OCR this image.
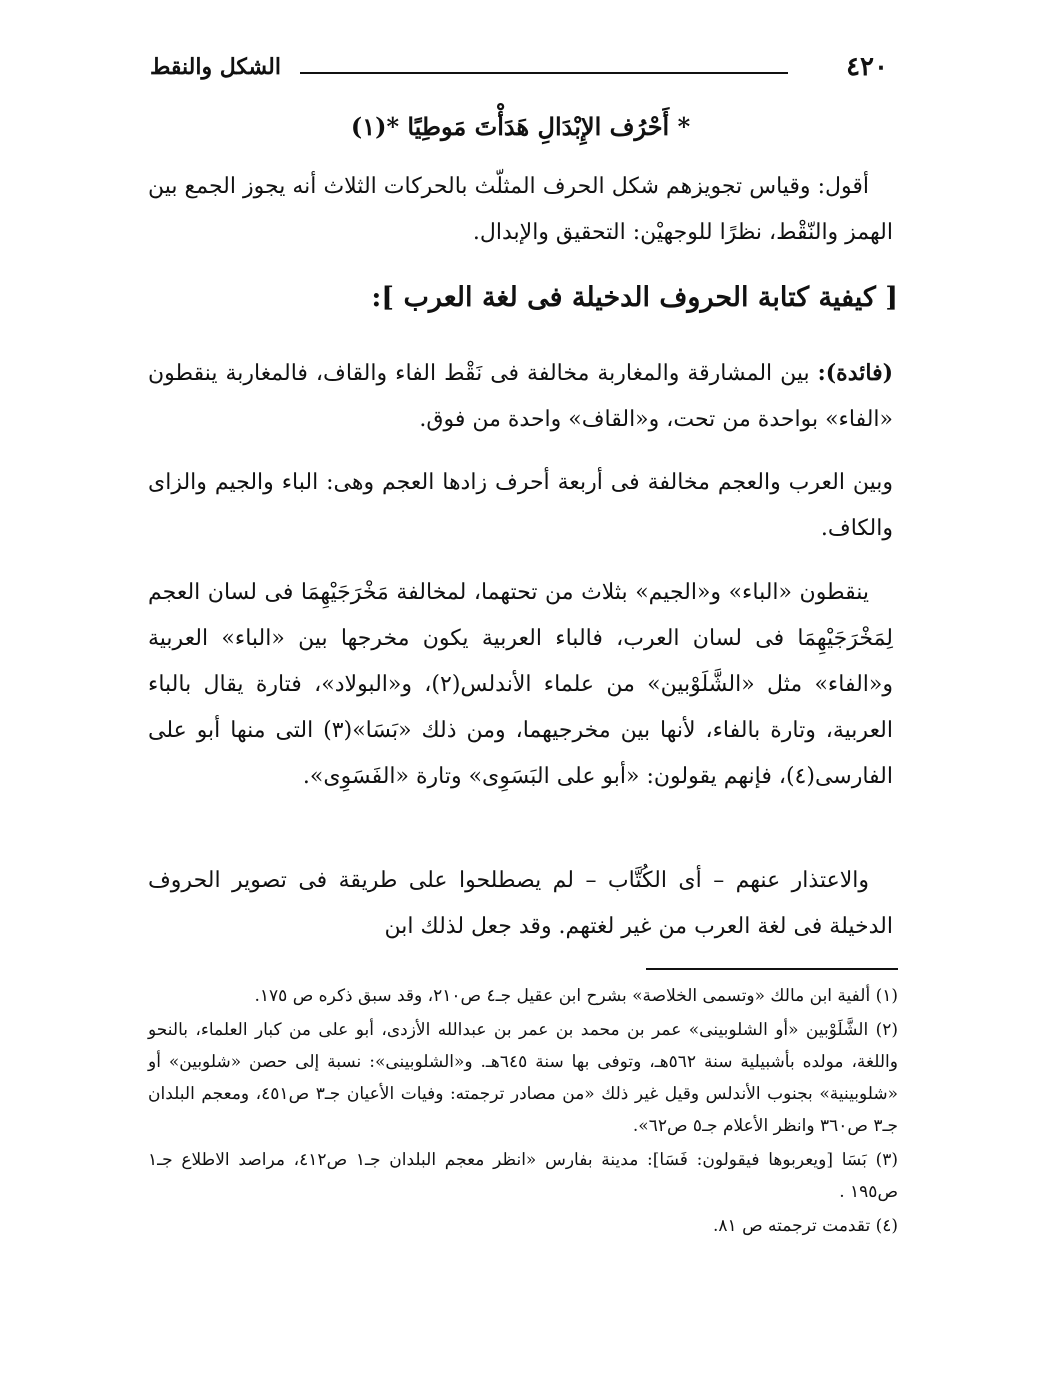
الشكل والنقط	٤٢٠
* أَحْرُف الإِبْدَالِ هَدَأْتَ مَوطِيًا *(١)
أقول: وقياس تجويزهم شكل الحرف المثلّث بالحركات الثلاث أنه يجوز الجمع بين الهمز والنّقْط، نظرًا للوجهيْن: التحقيق والإبدال.
[ كيفية كتابة الحروف الدخيلة فى لغة العرب ]:
(فائدة): بين المشارقة والمغاربة مخالفة فى نَقْط الفاء والقاف، فالمغاربة ينقطون «الفاء» بواحدة من تحت، و«القاف» واحدة من فوق.
وبين العرب والعجم مخالفة فى أربعة أحرف زادها العجم وهى: الباء والجيم والزاى والكاف.
ينقطون «الباء» و«الجيم» بثلاث من تحتهما، لمخالفة مَخْرَجَيْهِمَا فى لسان العجم لِمَخْرَجَيْهِمَا فى لسان العرب، فالباء العربية يكون مخرجها بين «الباء» العربية و«الفاء» مثل «الشَّلَوْبين» من علماء الأندلس(٢)، و«البولاد»، فتارة يقال بالباء العربية، وتارة بالفاء، لأنها بين مخرجيهما، ومن ذلك «بَسَا»(٣) التى منها أبو على الفارسى(٤)، فإنهم يقولون: «أبو على البَسَوِى» وتارة «الفَسَوِى».
والاعتذار عنهم – أى الكُتَّاب – لم يصطلحوا على طريقة فى تصوير الحروف الدخيلة فى لغة العرب من غير لغتهم. وقد جعل لذلك ابن

(١) ألفية ابن مالك «وتسمى الخلاصة» بشرح ابن عقيل جـ٤ ص٢١٠، وقد سبق ذكره ص ١٧٥.

(٢) الشَّلَوْبين «أو الشلوبينى» عمر بن محمد بن عمر بن عبدالله الأزدى، أبو على من كبار العلماء، بالنحو واللغة، مولده بأشبيلية سنة ٥٦٢هـ، وتوفى بها سنة ٦٤٥هـ. و«الشلوبينى»: نسبة إلى حصن «شلوبين» أو «شلوبينية» بجنوب الأندلس وقيل غير ذلك «من مصادر ترجمته: وفيات الأعيان جـ٣ ص٤٥١، ومعجم البلدان جـ٣ ص٣٦٠ وانظر الأعلام جـ٥ ص٦٢».

(٣) بَسَا [ويعربوها فيقولون: فَسَا]: مدينة بفارس «انظر معجم البلدان جـ١ ص٤١٢، مراصد الاطلاع جـ١ ص١٩٥ .

(٤) تقدمت ترجمته ص ٨١.
